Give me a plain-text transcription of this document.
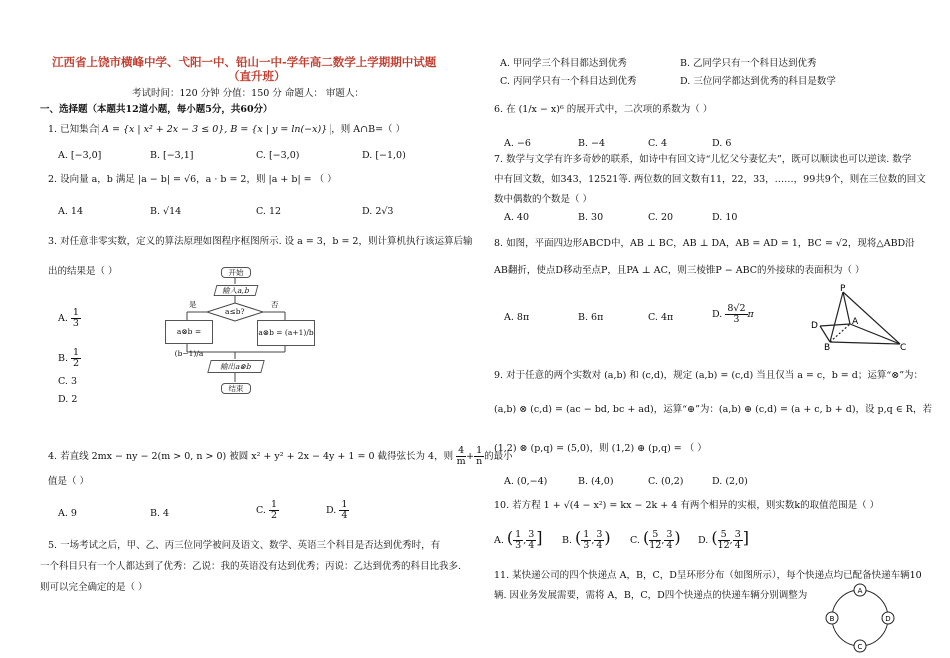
江西省上饶市横峰中学、弋阳一中、铅山一中-学年高二数学上学期期中试题
（直升班）
考试时间：120 分钟 分值：150 分 命题人： 审题人：
一、选择题（本题共12道小题，每小题5分，共60分）
1. 已知集合 A = {x | x² + 2x − 3 ≤ 0}, B = {x | y = ln(−x)} ，则 A∩B=（ ）
A. [−3,0]	B. [−3,1]	C. [−3,0)	D. [−1,0)
2. 设向量 a，b 满足 |a − b| = √6，a · b = 2，则 |a + b| = （ ）
A. 14	B. √14	C. 12	D. 2√3
3. 对任意非零实数，定义的算法原理如图程序框图所示. 设 a = 3，b = 2，则计算机执行该运算后输
出的结果是（ ）
A. $\frac{1}{3}$
B. $\frac{1}{2}$
C. 3
D. 2
开始
输入a,b
a≤b?
是	否
a⊗b = (b−1)/a
a⊗b = (a+1)/b
输出a⊗b
结束
4. 若直线 2mx − ny − 2(m > 0, n > 0) 被圆 x² + y² + 2x − 4y + 1 = 0 截得弦长为 4，则 $\frac{4}{m} + \frac{1}{n}$ 的最小
值是（ ）
A. 9	B. 4	C. $\frac{1}{2}$	D. $\frac{1}{4}$
5. 一场考试之后，甲、乙、丙三位同学被问及语文、数学、英语三个科目是否达到优秀时，有
一个科目只有一个人都达到了优秀：乙说：我的英语没有达到优秀；丙说：乙达到优秀的科目比我多.
则可以完全确定的是（ ）
A. 甲同学三个科目都达到优秀	B. 乙同学只有一个科目达到优秀
C. 丙同学只有一个科目达到优秀	D. 三位同学都达到优秀的科目是数学
6. 在 (1/x − x)⁶ 的展开式中，二次项的系数为（ ）
A. −6	B. −4	C. 4	D. 6
7. 数学与文学有许多奇妙的联系，如诗中有回文诗“儿忆父兮妻忆夫”，既可以顺读也可以逆读. 数学
中有回文数，如343，12521等. 两位数的回文数有11，22，33，……，99共9个，则在三位数的回文
数中偶数的个数是（ ）
A. 40	B. 30	C. 20	D. 10
8. 如图，平面四边形ABCD中，AB ⊥ BC，AB ⊥ DA，AB = AD = 1，BC = √2，现将△ABD沿
AB翻折，使点D移动至点P，且PA ⊥ AC，则三棱锥P − ABC的外接球的表面积为（ ）
A. 8π	B. 6π	C. 4π	D. $\frac{8√2}{3}$ π
P
A
B	C
D
9. 对于任意的两个实数对 (a,b) 和 (c,d)，规定 (a,b) = (c,d) 当且仅当 a = c，b = d；运算“⊗”为：
(a,b) ⊗ (c,d) = (ac − bd, bc + ad)，运算“⊕”为：(a,b) ⊕ (c,d) = (a + c, b + d)，设 p,q ∈ R，若
(1,2) ⊗ (p,q) = (5,0)，则 (1,2) ⊕ (p,q) = （ ）
A. (0,−4)	B. (4,0)	C. (0,2)	D. (2,0)
10. 若方程 1 + √(4 − x²) = kx − 2k + 4 有两个相异的实根，则实数k的取值范围是（ ）
A. ( $\frac{1}{3}$ , $\frac{3}{4}$ ] B. ( $\frac{1}{3}$ , $\frac{3}{4}$ ) C. ( $\frac{5}{12}$ , $\frac{3}{4}$ ) D. ( $\frac{5}{12}$ , $\frac{3}{4}$ ]
11. 某快递公司的四个快递点 A，B，C，D呈环形分布（如图所示），每个快递点均已配备快递车辆10
辆. 因业务发展需要，需将 A，B，C，D四个快递点的快递车辆分别调整为	A
B
C
D
